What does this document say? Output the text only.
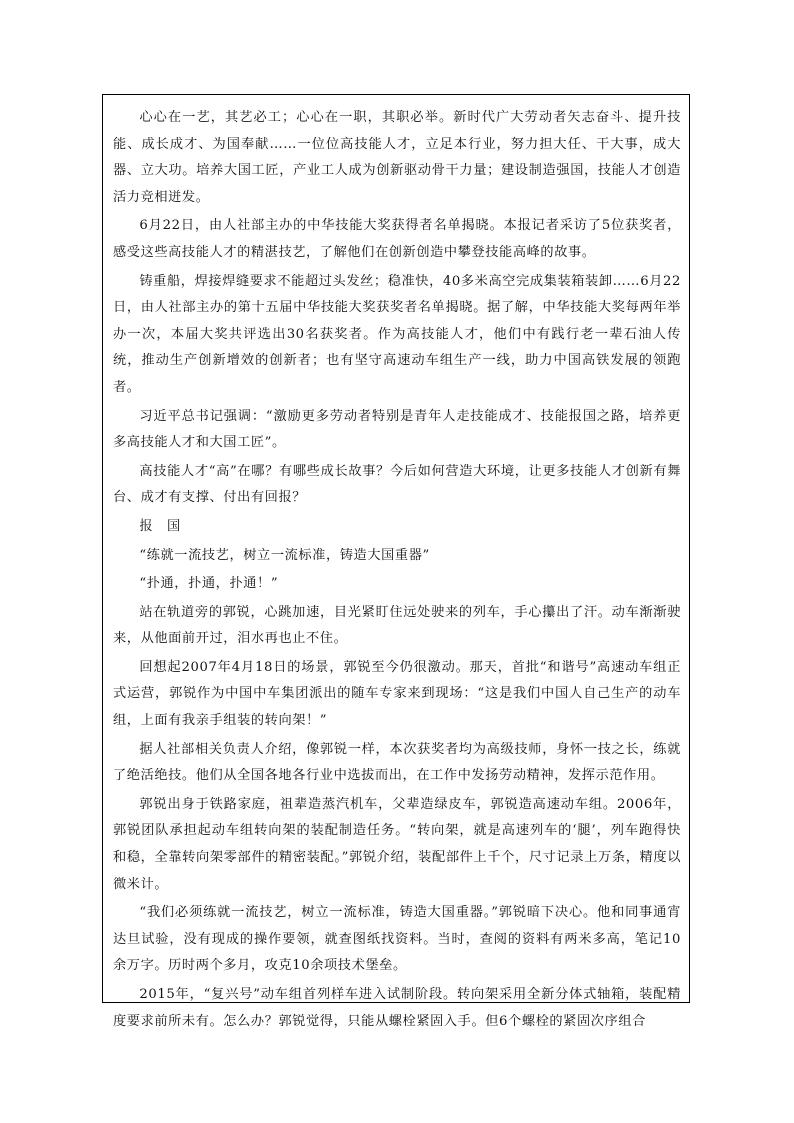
心心在一艺，其艺必工；心心在一职，其职必举。新时代广大劳动者矢志奋斗、提升技能、成长成才、为国奉献……一位位高技能人才，立足本行业，努力担大任、干大事，成大器、立大功。培养大国工匠，产业工人成为创新驱动骨干力量；建设制造强国，技能人才创造活力竞相迸发。

6月22日，由人社部主办的中华技能大奖获得者名单揭晓。本报记者采访了5位获奖者，感受这些高技能人才的精湛技艺，了解他们在创新创造中攀登技能高峰的故事。

铸重船，焊接焊缝要求不能超过头发丝；稳准快，40多米高空完成集装箱装卸……6月22日，由人社部主办的第十五届中华技能大奖获奖者名单揭晓。据了解，中华技能大奖每两年举办一次，本届大奖共评选出30名获奖者。作为高技能人才，他们中有践行老一辈石油人传统，推动生产创新增效的创新者；也有坚守高速动车组生产一线，助力中国高铁发展的领跑者。

习近平总书记强调：“激励更多劳动者特别是青年人走技能成才、技能报国之路，培养更多高技能人才和大国工匠”。

高技能人才“高”在哪？有哪些成长故事？今后如何营造大环境，让更多技能人才创新有舞台、成才有支撑、付出有回报？

报　国

“练就一流技艺，树立一流标准，铸造大国重器”

“扑通，扑通，扑通！”

站在轨道旁的郭锐，心跳加速，目光紧盯住远处驶来的列车，手心攥出了汗。动车渐渐驶来，从他面前开过，泪水再也止不住。

回想起2007年4月18日的场景，郭锐至今仍很激动。那天，首批“和谐号”高速动车组正式运营，郭锐作为中国中车集团派出的随车专家来到现场：“这是我们中国人自己生产的动车组，上面有我亲手组装的转向架！”

据人社部相关负责人介绍，像郭锐一样，本次获奖者均为高级技师，身怀一技之长，练就了绝活绝技。他们从全国各地各行业中选拔而出，在工作中发扬劳动精神，发挥示范作用。

郭锐出身于铁路家庭，祖辈造蒸汽机车，父辈造绿皮车，郭锐造高速动车组。2006年，郭锐团队承担起动车组转向架的装配制造任务。“转向架，就是高速列车的‘腿’，列车跑得快和稳，全靠转向架零部件的精密装配。”郭锐介绍，装配部件上千个，尺寸记录上万条，精度以微米计。

“我们必须练就一流技艺，树立一流标准，铸造大国重器。”郭锐暗下决心。他和同事通宵达旦试验，没有现成的操作要领，就查图纸找资料。当时，查阅的资料有两米多高，笔记10余万字。历时两个多月，攻克10余项技术堡垒。

2015年，“复兴号”动车组首列样车进入试制阶段。转向架采用全新分体式轴箱，装配精度要求前所未有。怎么办？郭锐觉得，只能从螺栓紧固入手。但6个螺栓的紧固次序组合
